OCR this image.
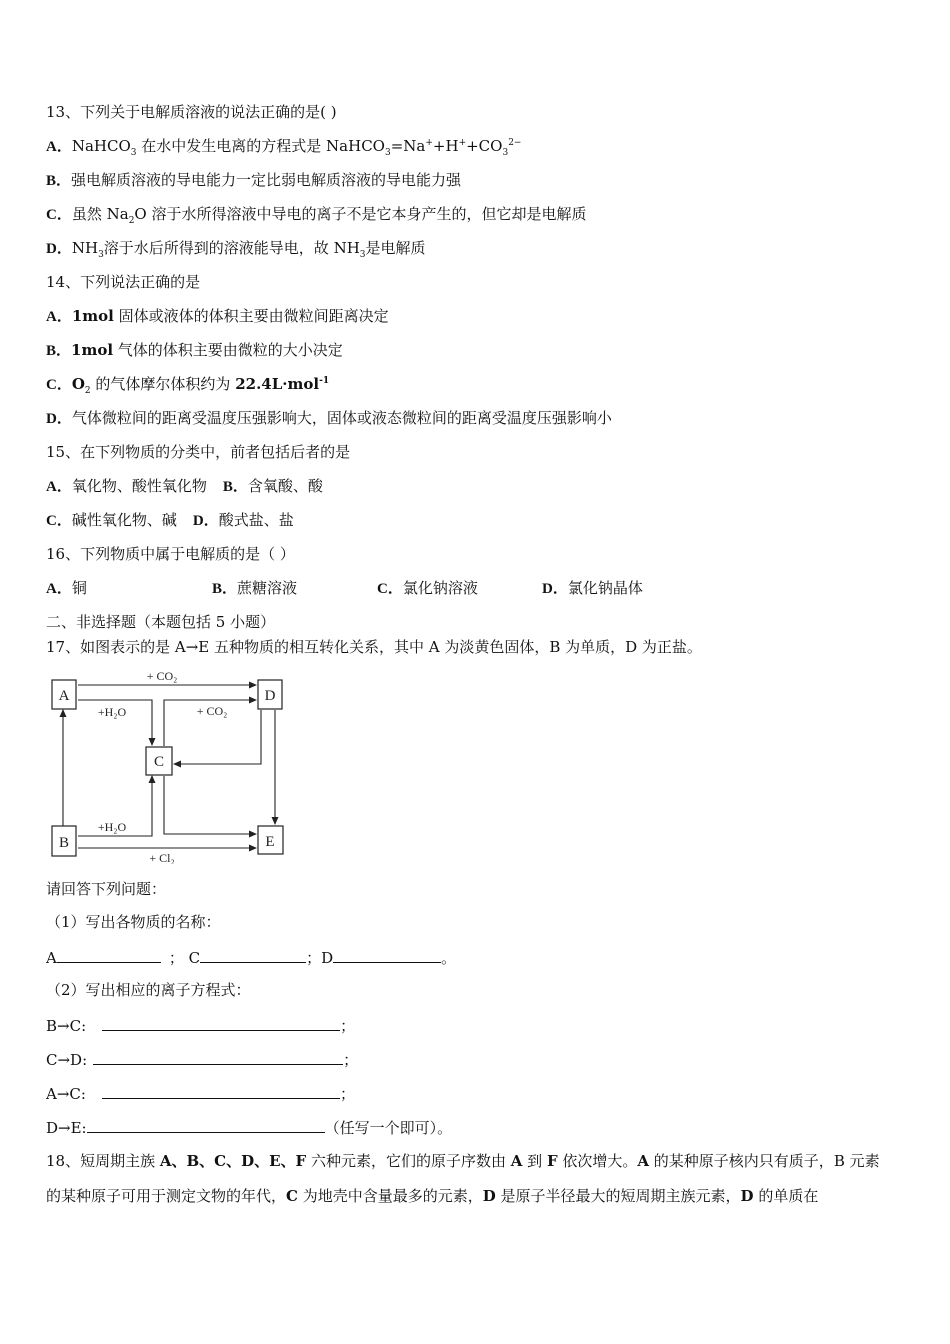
13、下列关于电解质溶液的说法正确的是( )
A．NaHCO$_3$ 在水中发生电离的方程式是 $NaHCO_3=Na^++H^++CO_3^{2-}$
B．强电解质溶液的导电能力一定比弱电解质溶液的导电能力强
C．虽然 $Na_2O$ 溶于水所得溶液中导电的离子不是它本身产生的，但它却是电解质
D．$NH_3$溶于水后所得到的溶液能导电，故 $NH_3$是电解质
14、下列说法正确的是
A．1mol 固体或液体的体积主要由微粒间距离决定
B．1mol 气体的体积主要由微粒的大小决定
C．$O_2$ 的气体摩尔体积约为 22.4L·mol$^{-1}$
D．气体微粒间的距离受温度压强影响大，固体或液态微粒间的距离受温度压强影响小
15、在下列物质的分类中，前者包括后者的是
A．氧化物、酸性氧化物 B．含氧酸、酸
C．碱性氧化物、碱 D．酸式盐、盐
16、下列物质中属于电解质的是（ ）
A．铜	B．蔗糖溶液	C．氯化钠溶液	D．氯化钠晶体
二、非选择题（本题包括 5 小题）
17、如图表示的是 A→E 五种物质的相互转化关系，其中 A 为淡黄色固体，B 为单质，D 为正盐。
A	D
C
B	E
+ CO₂
+H₂O	+ CO₂
+H₂O
+ Cl₂
请回答下列问题：
（1）写出各物质的名称：
A	； C	；D	。
（2）写出相应的离子方程式：
B→C:	；
C→D:	；
A→C:	；
D→E:	（任写一个即可）。
18、短周期主族 A、B、C、D、E、F 六种元素，它们的原子序数由 A 到 F 依次增大。A 的某种原子核内只有质子，B 元素
的某种原子可用于测定文物的年代，C 为地壳中含量最多的元素，D 是原子半径最大的短周期主族元素，D 的单质在
